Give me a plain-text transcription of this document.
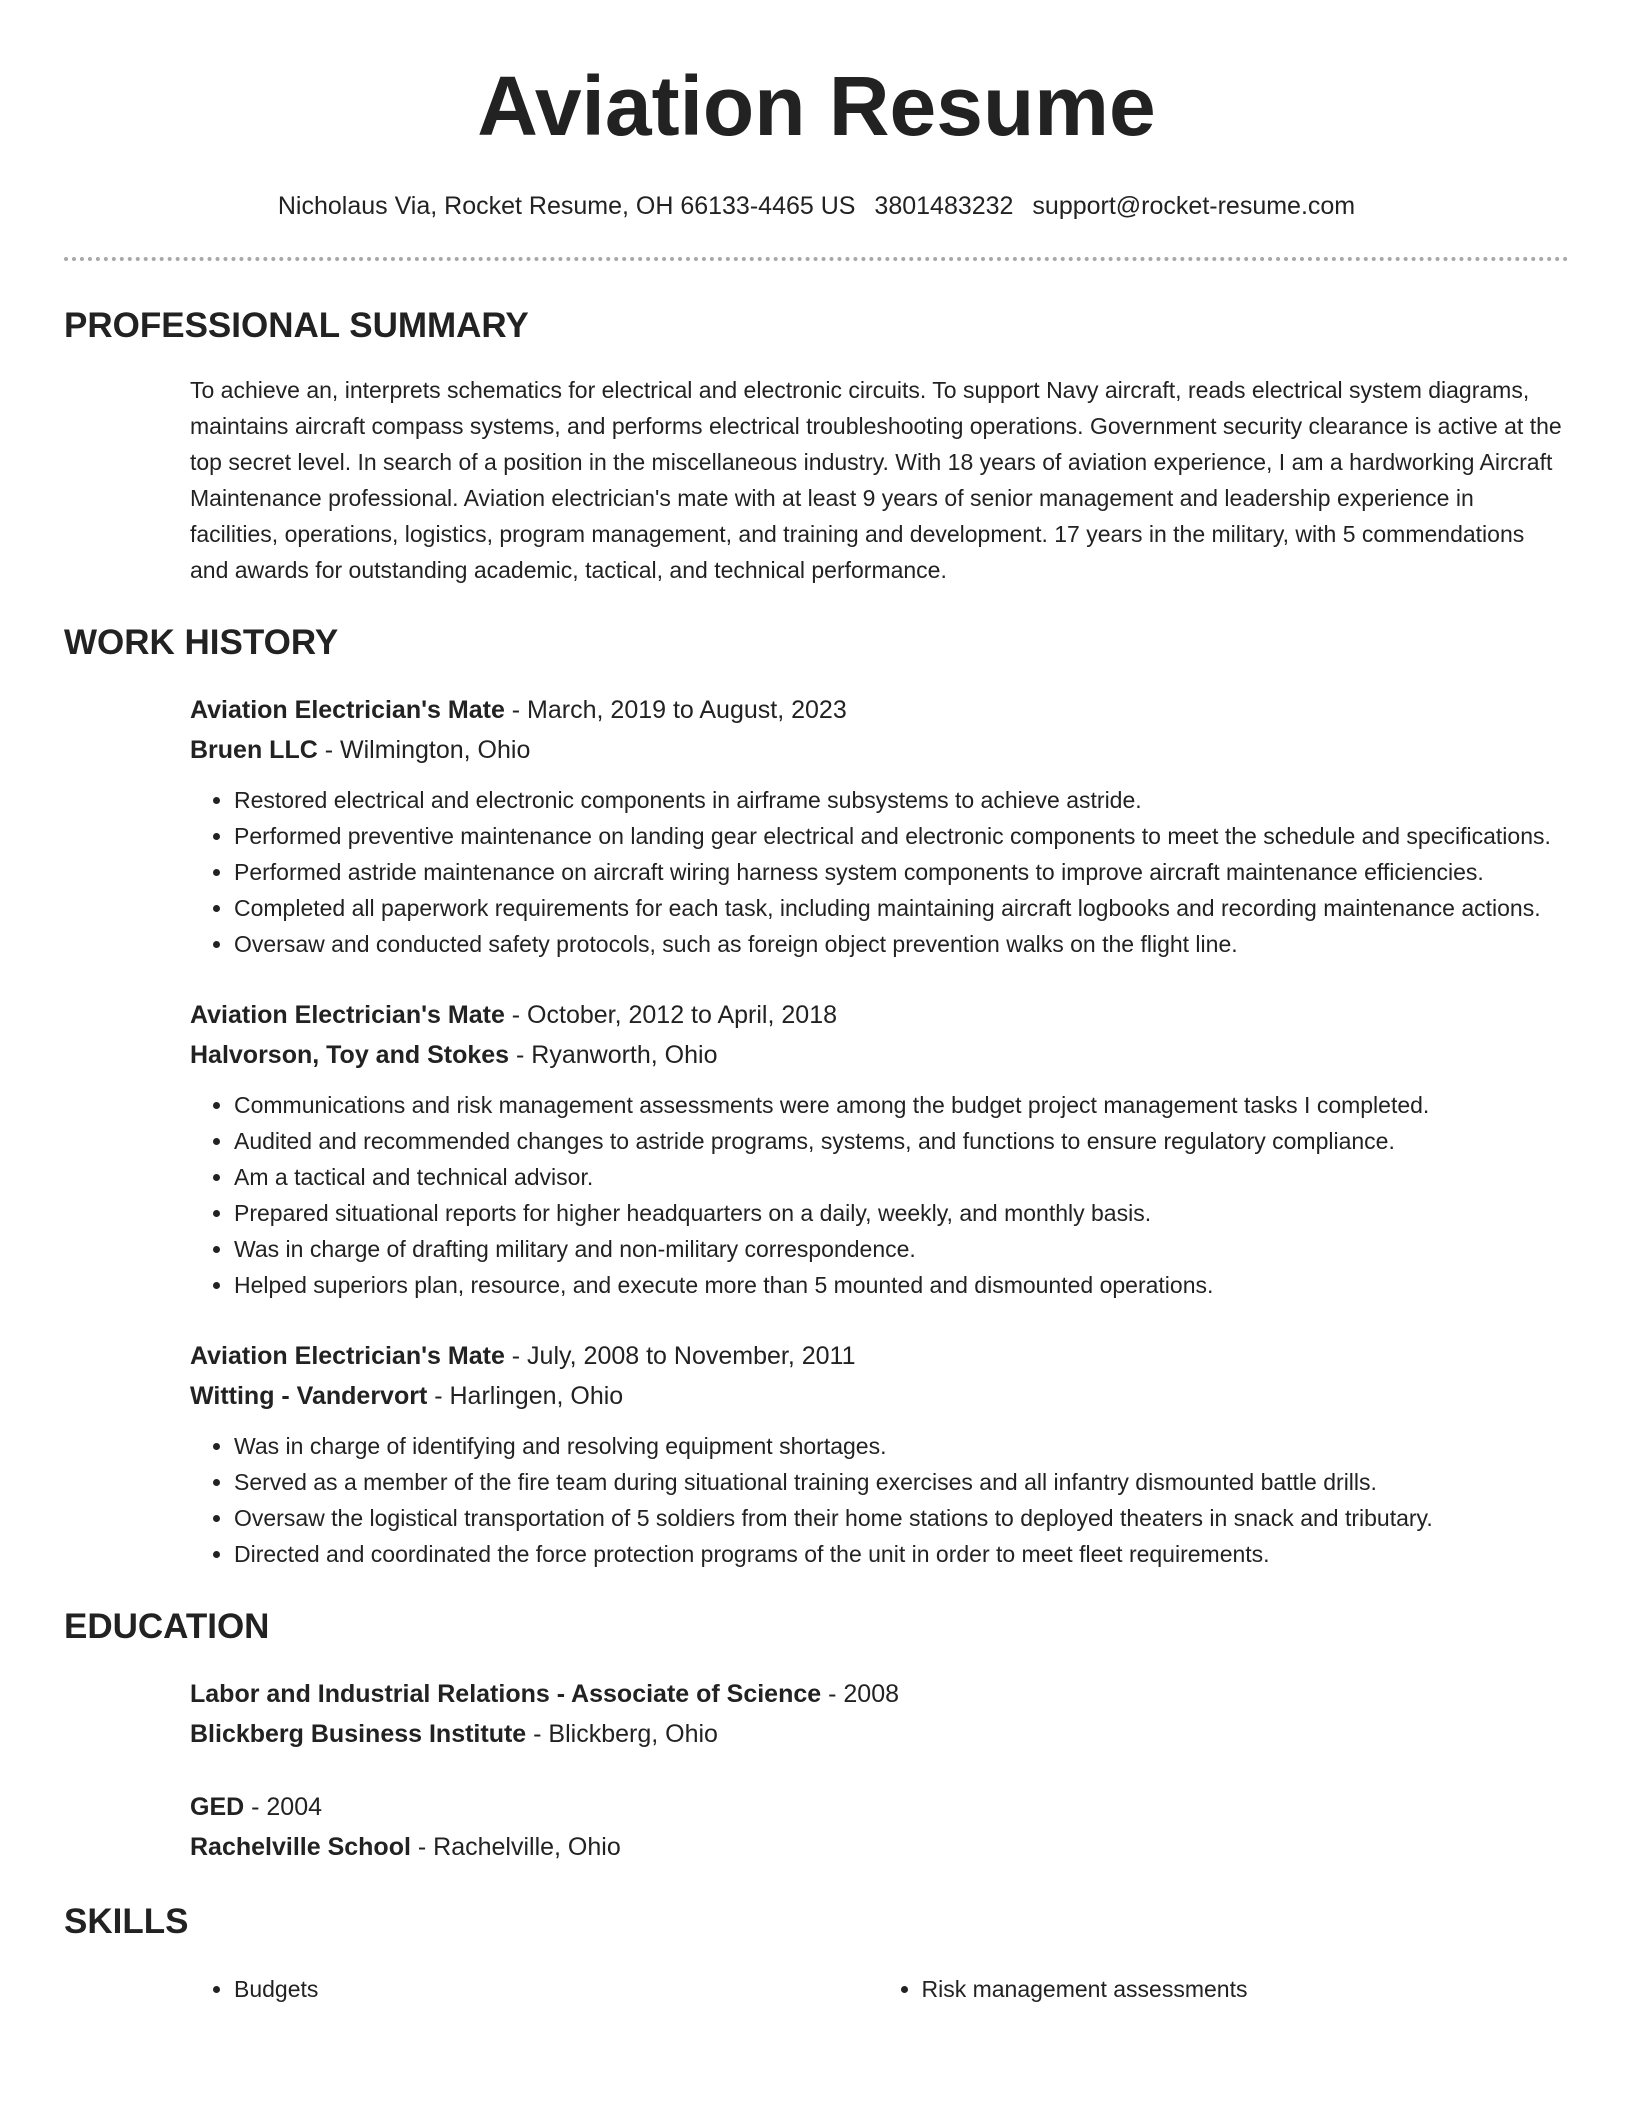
Aviation Resume
Nicholaus Via, Rocket Resume, OH 66133-4465 US 3801483232 support@rocket-resume.com
PROFESSIONAL SUMMARY

To achieve an, interprets schematics for electrical and electronic circuits. To support Navy aircraft, reads electrical system diagrams, maintains aircraft compass systems, and performs electrical troubleshooting operations. Government security clearance is active at the top secret level. In search of a position in the miscellaneous industry. With 18 years of aviation experience, I am a hardworking Aircraft Maintenance professional. Aviation electrician's mate with at least 9 years of senior management and leadership experience in facilities, operations, logistics, program management, and training and development. 17 years in the military, with 5 commendations and awards for outstanding academic, tactical, and technical performance.

WORK HISTORY
Aviation Electrician's Mate - March, 2019 to August, 2023
Bruen LLC - Wilmington, Ohio
• Restored electrical and electronic components in airframe subsystems to achieve astride.
• Performed preventive maintenance on landing gear electrical and electronic components to meet the schedule and specifications.
• Performed astride maintenance on aircraft wiring harness system components to improve aircraft maintenance efficiencies.
• Completed all paperwork requirements for each task, including maintaining aircraft logbooks and recording maintenance actions.
• Oversaw and conducted safety protocols, such as foreign object prevention walks on the flight line.
Aviation Electrician's Mate - October, 2012 to April, 2018
Halvorson, Toy and Stokes - Ryanworth, Ohio
• Communications and risk management assessments were among the budget project management tasks I completed.
• Audited and recommended changes to astride programs, systems, and functions to ensure regulatory compliance.
• Am a tactical and technical advisor.
• Prepared situational reports for higher headquarters on a daily, weekly, and monthly basis.
• Was in charge of drafting military and non-military correspondence.
• Helped superiors plan, resource, and execute more than 5 mounted and dismounted operations.
Aviation Electrician's Mate - July, 2008 to November, 2011
Witting - Vandervort - Harlingen, Ohio
• Was in charge of identifying and resolving equipment shortages.
• Served as a member of the fire team during situational training exercises and all infantry dismounted battle drills.
• Oversaw the logistical transportation of 5 soldiers from their home stations to deployed theaters in snack and tributary.
• Directed and coordinated the force protection programs of the unit in order to meet fleet requirements.
EDUCATION
Labor and Industrial Relations - Associate of Science - 2008
Blickberg Business Institute - Blickberg, Ohio
GED - 2004
Rachelville School - Rachelville, Ohio
SKILLS
• Budgets
•	Risk management assessments
